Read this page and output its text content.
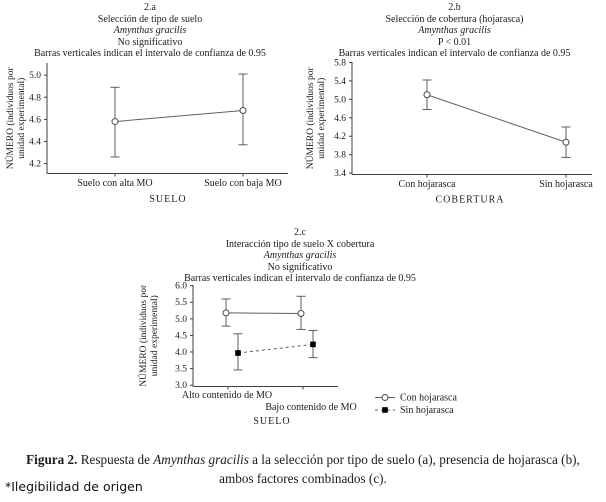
2.a
Selección de tipo de suelo
Amynthas gracilis
No significativo
Barras verticales indican el intervalo de confianza de 0.95
4.2
4.4
4.6
4.8
5.0
NÚMERO (individuos por unidad experimental)
Suelo con alta MO	Suelo con baja MO
SUELO
2.b
Selección de cobertura (hojarasca)
Amynthas gracilis
P < 0.01
Barras verticales indican el intervalo de confianza de 0.95
3.4
3.8
4.2
4.6
5.0
5.4
5.8
NÚMERO (individuos por unidad experimental)
Con hojarasca	Sin hojarasca
COBERTURA
2.c
Interacción tipo de suelo X cobertura
Amynthas gracilis
No significativo
Barras verticales indican el intervalo de confianza de 0.95
3.0
3.5
4.0
4.5
5.0
5.5
6.0
NÚMERO (individuos por unidad experimental)
Alto contenido de MO
Bajo contenido de MO
SUELO
Con hojarasca
Sin hojarasca

Figura 2. Respuesta de Amynthas gracilis a la selección por tipo de suelo (a), presencia de hojarasca (b), ambos factores combinados (c).

*Ilegibilidad de origen
